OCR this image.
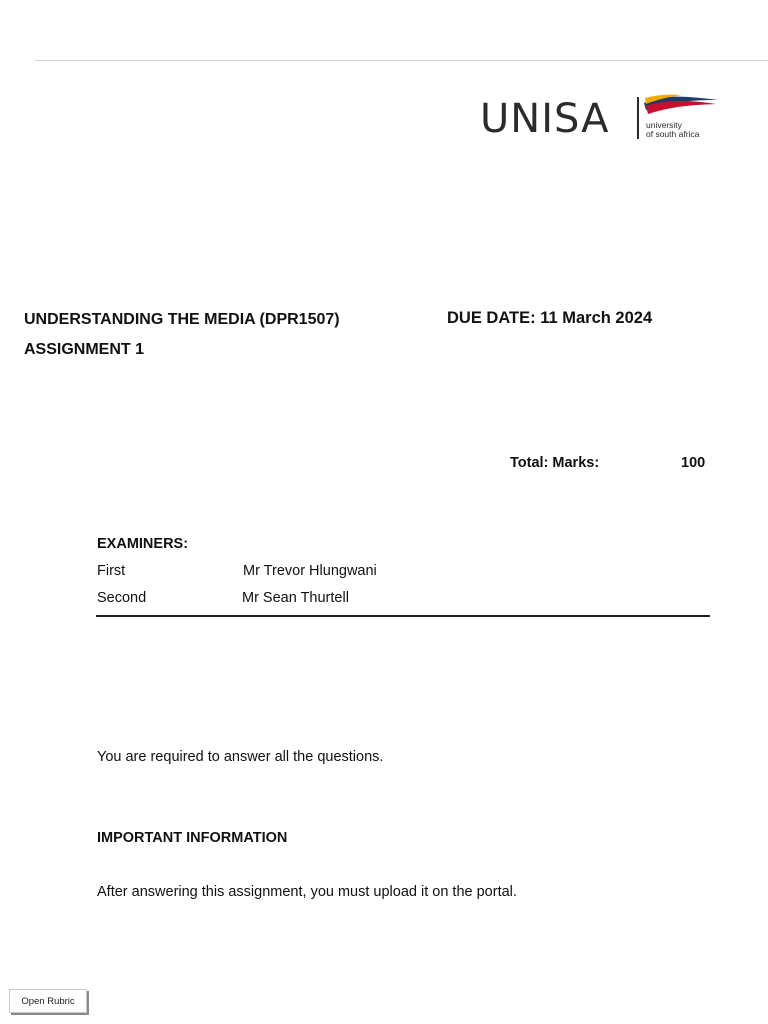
UNISA	university
of south africa
UNDERSTANDING THE MEDIA (DPR1507)	DUE DATE: 11 March 2024
ASSIGNMENT 1
Total: Marks:	100
EXAMINERS:
First	Mr Trevor Hlungwani
Second	Mr Sean Thurtell
You are required to answer all the questions.
IMPORTANT INFORMATION
After answering this assignment, you must upload it on the portal.
Open Rubric
